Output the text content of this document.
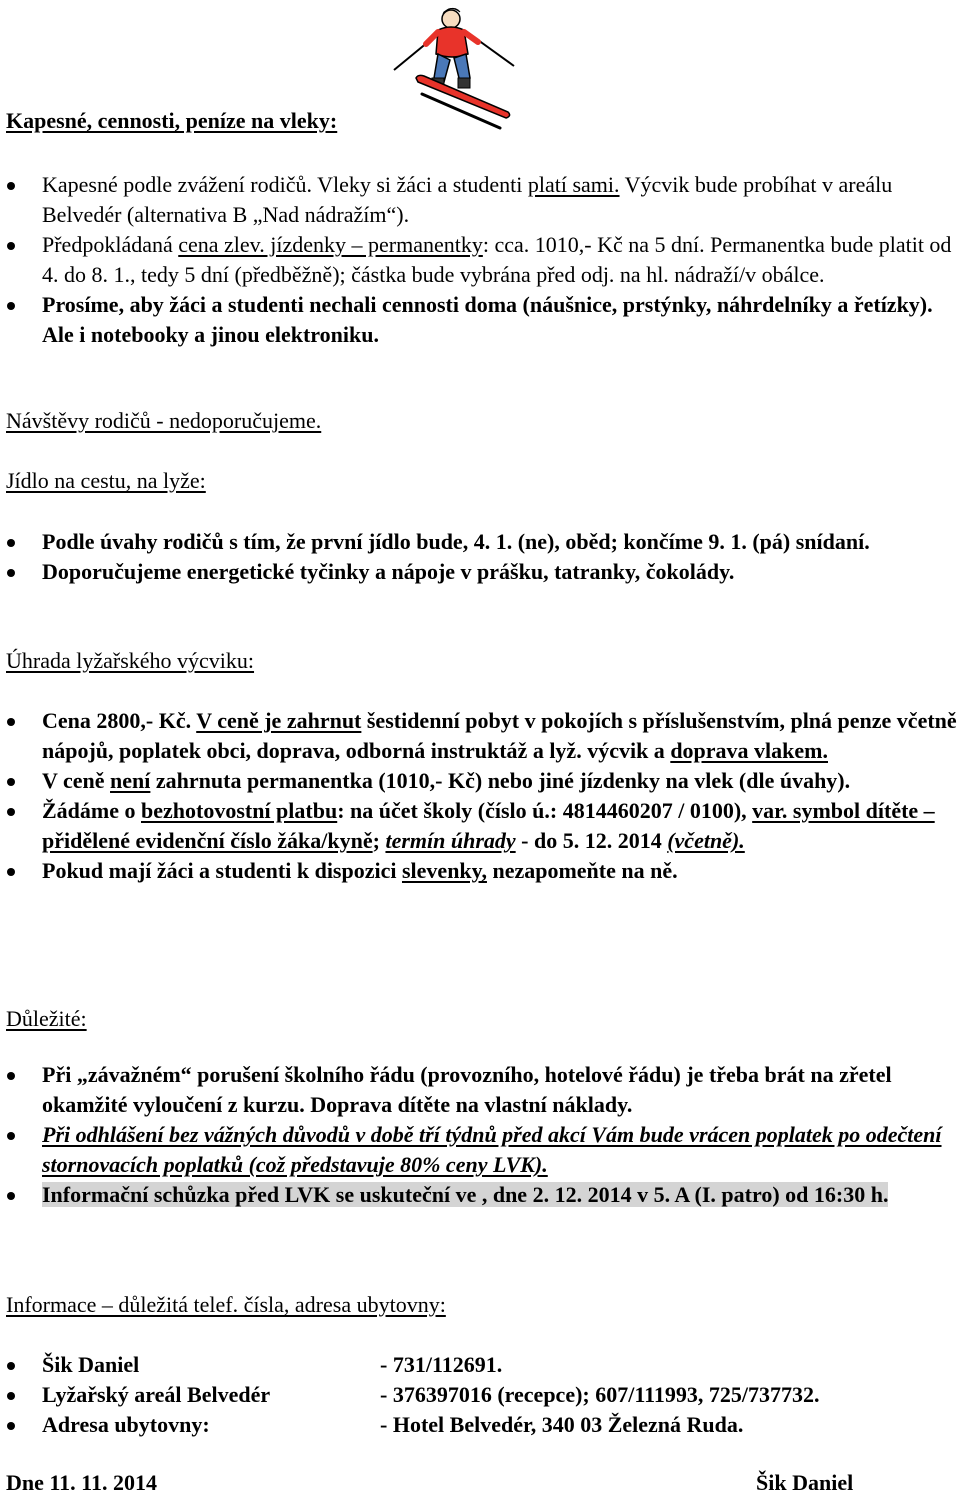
Kapesné, cennosti, peníze na vleky:
Kapesné podle zvážení rodičů. Vleky si žáci a studenti platí sami. Výcvik bude probíhat v areálu Belvedér (alternativa B „Nad nádražím“).
Předpokládaná cena zlev. jízdenky – permanentky: cca. 1010,- Kč na 5 dní. Permanentka bude platit od 4. do 8. 1., tedy 5 dní (předběžně); částka bude vybrána před odj. na hl. nádraží/v obálce.
Prosíme, aby žáci a studenti nechali cennosti doma (náušnice, prstýnky, náhrdelníky a řetízky). Ale i notebooky a jinou elektroniku.
Návštěvy rodičů - nedoporučujeme.
Jídlo na cestu, na lyže:
Podle úvahy rodičů s tím, že první jídlo bude, 4. 1. (ne), oběd; končíme 9. 1. (pá) snídaní.
Doporučujeme energetické tyčinky a nápoje v prášku, tatranky, čokolády.
Úhrada lyžařského výcviku:
Cena 2800,- Kč. V ceně je zahrnut šestidenní pobyt v pokojích s příslušenstvím, plná penze včetně nápojů, poplatek obci, doprava, odborná instruktáž a lyž. výcvik a doprava vlakem.
V ceně není zahrnuta permanentka (1010,- Kč) nebo jiné jízdenky na vlek (dle úvahy).
Žádáme o bezhotovostní platbu: na účet školy (číslo ú.: 4814460207 / 0100), var. symbol dítěte – přidělené evidenční číslo žáka/kyně; termín úhrady - do 5. 12. 2014 (včetně).
Pokud mají žáci a studenti k dispozici slevenky, nezapomeňte na ně.
Důležité:
Při „závažném“ porušení školního řádu (provozního, hotelové řádu) je třeba brát na zřetel okamžité vyloučení z kurzu. Doprava dítěte na vlastní náklady.
Při odhlášení bez vážných důvodů v době tří týdnů před akcí Vám bude vrácen poplatek po odečtení stornovacích poplatků (což představuje 80% ceny LVK).
Informační schůzka před LVK se uskuteční ve , dne 2. 12. 2014 v 5. A (I. patro) od 16:30 h.
Informace – důležitá telef. čísla, adresa ubytovny:
Šik Daniel	- 731/112691.
Lyžařský areál Belvedér	- 376397016 (recepce); 607/111993, 725/737732.
Adresa ubytovny:	- Hotel Belvedér, 340 03 Železná Ruda.
Dne 11. 11. 2014	Šik Daniel
